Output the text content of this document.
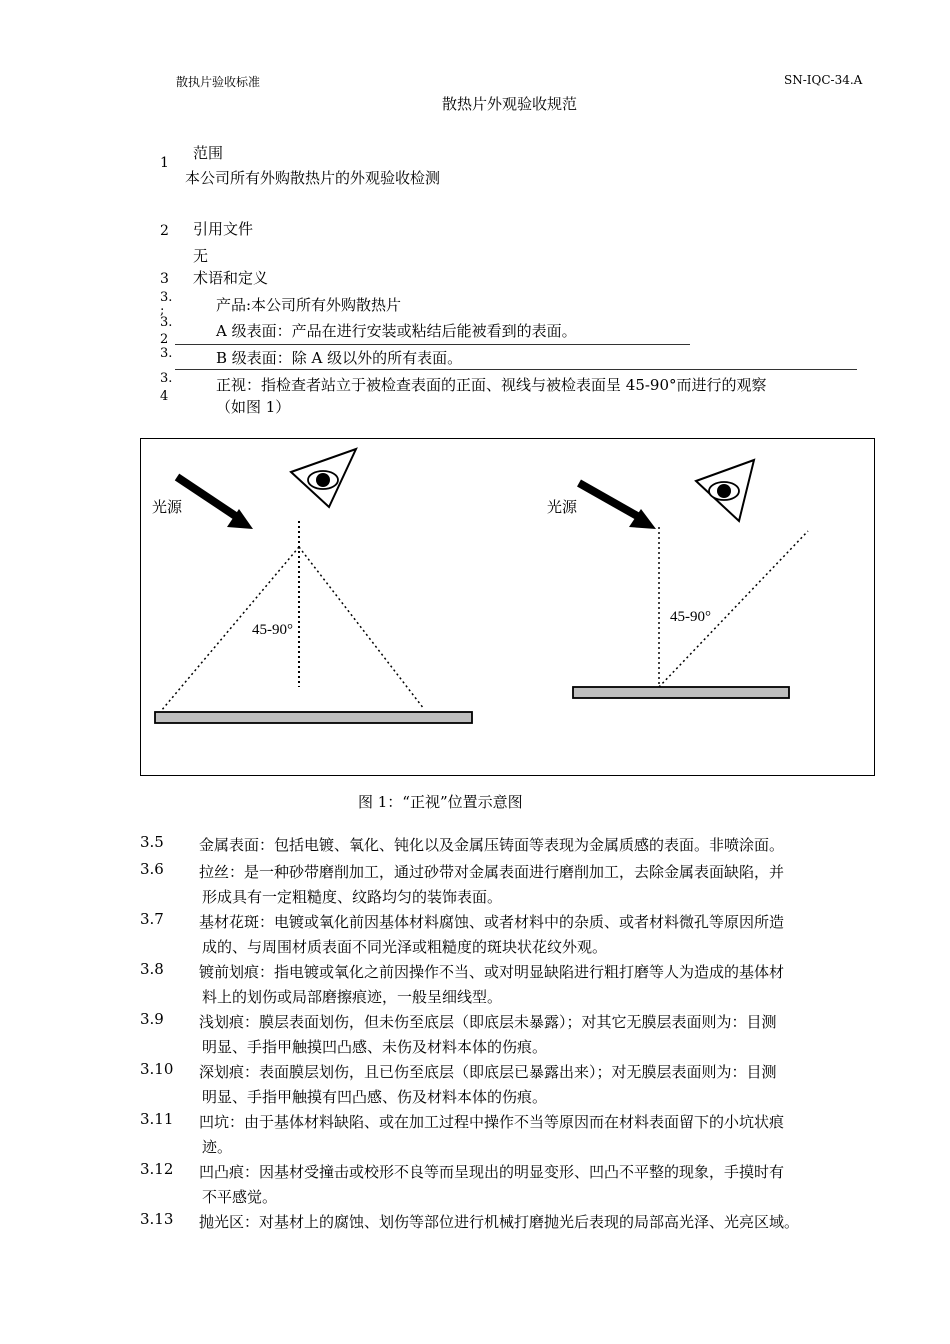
散执片验收标准	SN-IQC-34.A
散热片外观验收规范
1
范围
本公司所有外购散热片的外观验收检测
2 引用文件
无
3 术语和定义
3.
;	产品:本公司所有外购散热片
3.
2	A 级表面：产品在进行安装或粘结后能被看到的表面。
3.	B 级表面：除 A 级以外的所有表面。
3.
4
正视：指检查者站立于被检查表面的正面、视线与被检表面呈 45-90°而进行的观察
（如图 1）
光源
45-90°
光源
45-90°
图 1：“正视”位置示意图
3.5 金属表面：包括电镀、氧化、钝化以及金属压铸面等表现为金属质感的表面。非喷涂面。
3.6 拉丝：是一种砂带磨削加工，通过砂带对金属表面进行磨削加工，去除金属表面缺陷，并
形成具有一定粗糙度、纹路均匀的装饰表面。
3.7 基材花斑：电镀或氧化前因基体材料腐蚀、或者材料中的杂质、或者材料微孔等原因所造
成的、与周围材质表面不同光泽或粗糙度的斑块状花纹外观。
3.8 镀前划痕：指电镀或氧化之前因操作不当、或对明显缺陷进行粗打磨等人为造成的基体材
料上的划伤或局部磨擦痕迹，一般呈细线型。
3.9 浅划痕：膜层表面划伤，但未伤至底层（即底层未暴露）；对其它无膜层表面则为：目测
明显、手指甲触摸凹凸感、未伤及材料本体的伤痕。
3.10 深划痕：表面膜层划伤，且已伤至底层（即底层已暴露出来）；对无膜层表面则为：目测
明显、手指甲触摸有凹凸感、伤及材料本体的伤痕。
3.11 凹坑：由于基体材料缺陷、或在加工过程中操作不当等原因而在材料表面留下的小坑状痕
迹。
3.12 凹凸痕：因基材受撞击或校形不良等而呈现出的明显变形、凹凸不平整的现象，手摸时有
不平感觉。
3.13 抛光区：对基材上的腐蚀、划伤等部位进行机械打磨抛光后表现的局部高光泽、光亮区域。
